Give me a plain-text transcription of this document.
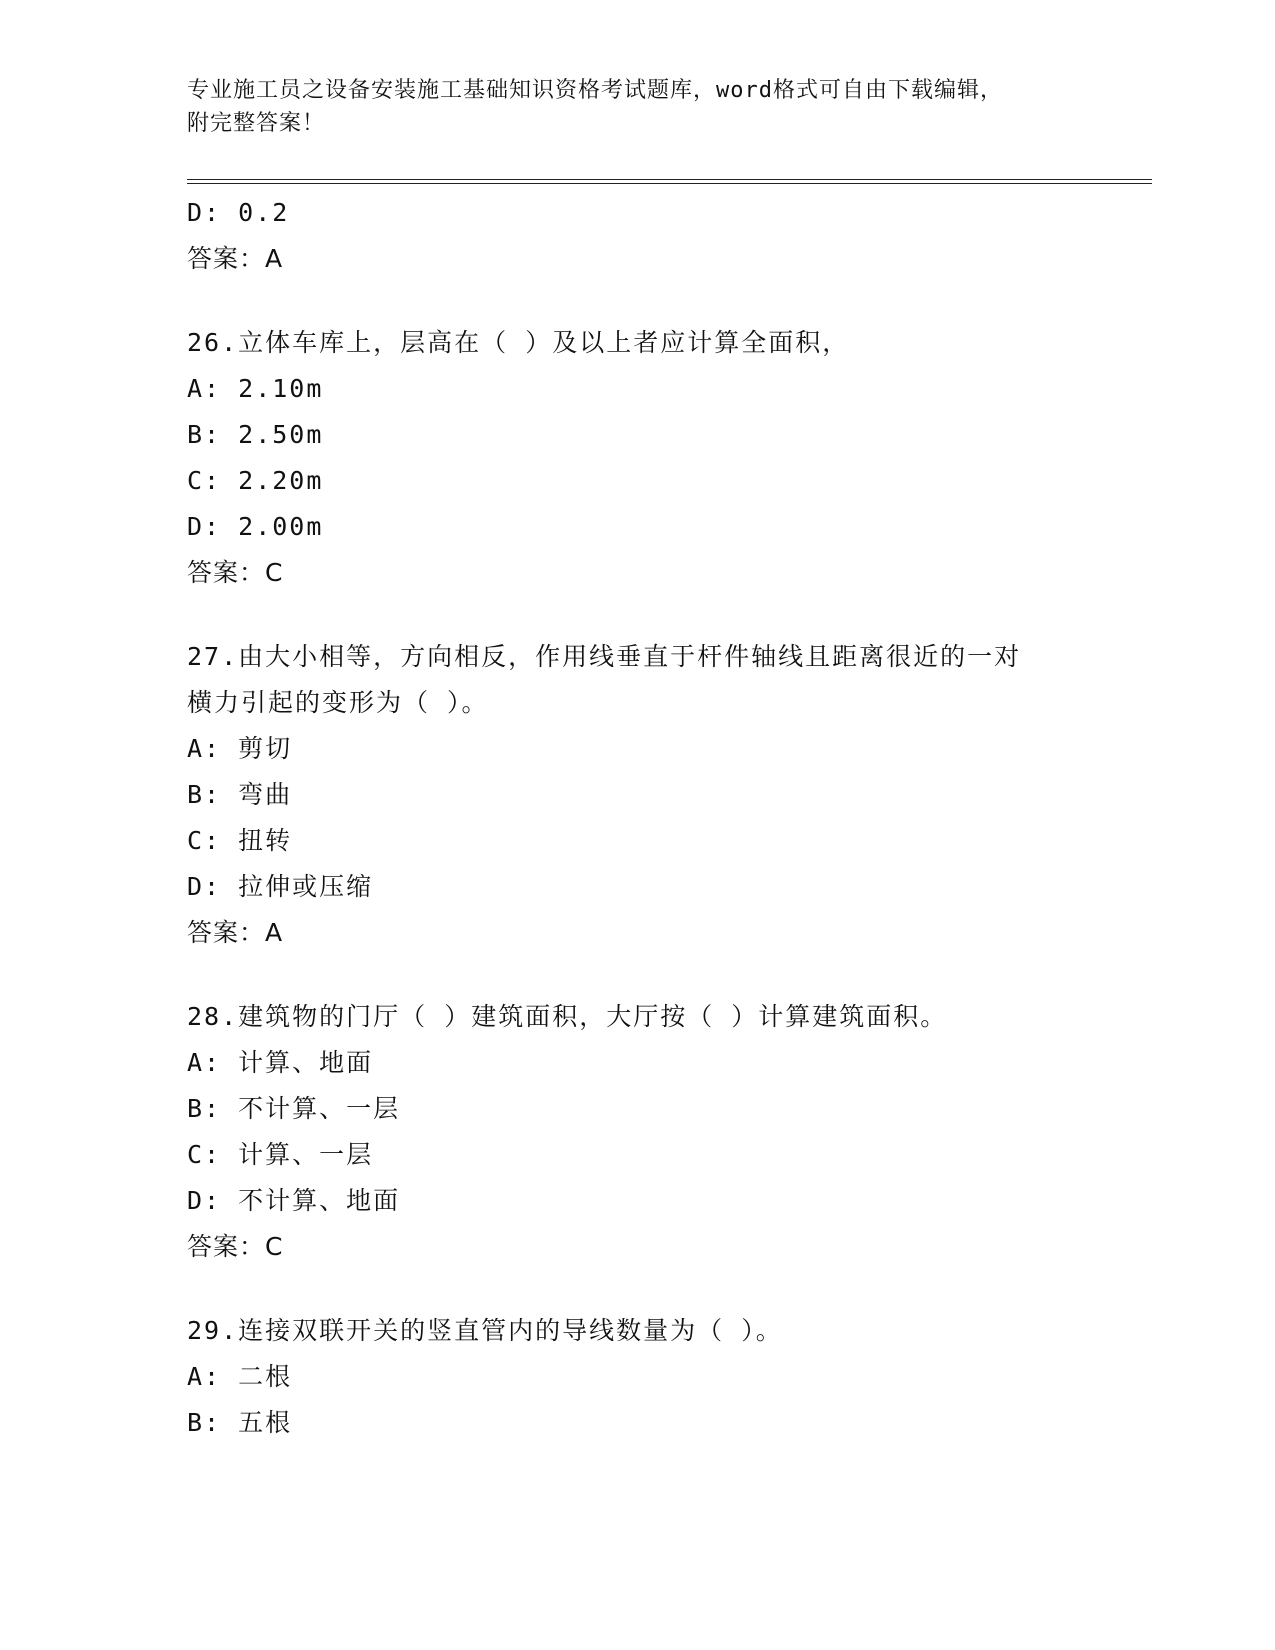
专业施工员之设备安装施工基础知识资格考试题库，word格式可自由下载编辑，
附完整答案！
D: 0.2
答案：A
26.立体车库上，层高在（ ）及以上者应计算全面积，
A: 2.10m
B: 2.50m
C: 2.20m
D: 2.00m
答案：C
27.由大小相等，方向相反，作用线垂直于杆件轴线且距离很近的一对
横力引起的变形为（ ）。
A: 剪切
B: 弯曲
C: 扭转
D: 拉伸或压缩
答案：A
28.建筑物的门厅（ ）建筑面积，大厅按（ ）计算建筑面积。
A: 计算、地面
B: 不计算、一层
C: 计算、一层
D: 不计算、地面
答案：C
29.连接双联开关的竖直管内的导线数量为（ ）。
A: 二根
B: 五根
